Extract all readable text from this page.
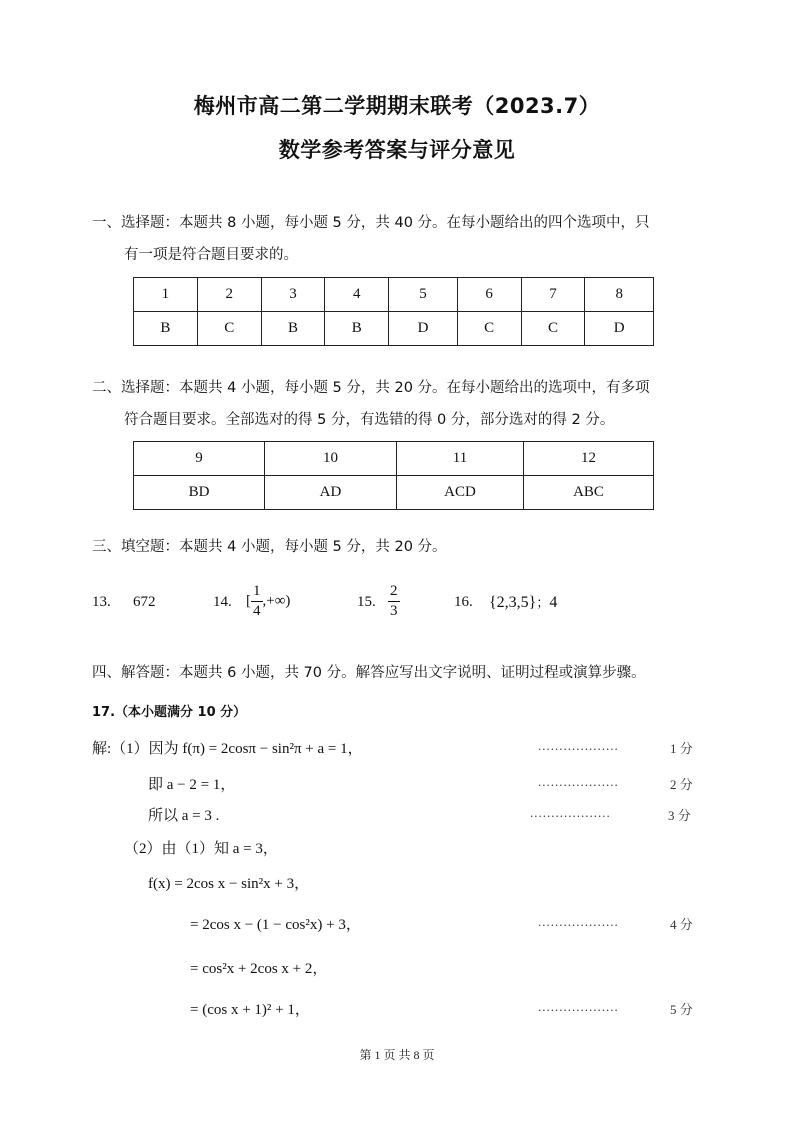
梅州市高二第二学期期末联考（2023.7）
数学参考答案与评分意见
一、选择题：本题共 8 小题，每小题 5 分，共 40 分。在每小题给出的四个选项中，只
有一项是符合题目要求的。
1	2	3	4	5	6	7	8
B	C	B	B	D	C	C	D
二、选择题：本题共 4 小题，每小题 5 分，共 20 分。在每小题给出的选项中，有多项
符合题目要求。全部选对的得 5 分，有选错的得 0 分，部分选对的得 2 分。
9	10	11	12
BD	AD	ACD	ABC
三、填空题：本题共 4 小题，每小题 5 分，共 20 分。
13. 672	14. [ $\frac{1}{4}$ ,+∞)	15. $\frac{2}{3}$	16. {2,3,5}；4
四、解答题：本题共 6 小题，共 70 分。解答应写出文字说明、证明过程或演算步骤。
17.（本小题满分 10 分）
解:（1）因为 f(π) = 2cosπ − sin²π + a = 1，	...................	1 分
即 a − 2 = 1，	...................	2 分
所以 a = 3 .	...................	3 分
（2）由（1）知 a = 3，
f(x) = 2cos x − sin²x + 3，
= 2cos x − (1 − cos²x) + 3，	...................	4 分
= cos²x + 2cos x + 2，
= (cos x + 1)² + 1，	...................	5 分
第 1 页 共 8 页
